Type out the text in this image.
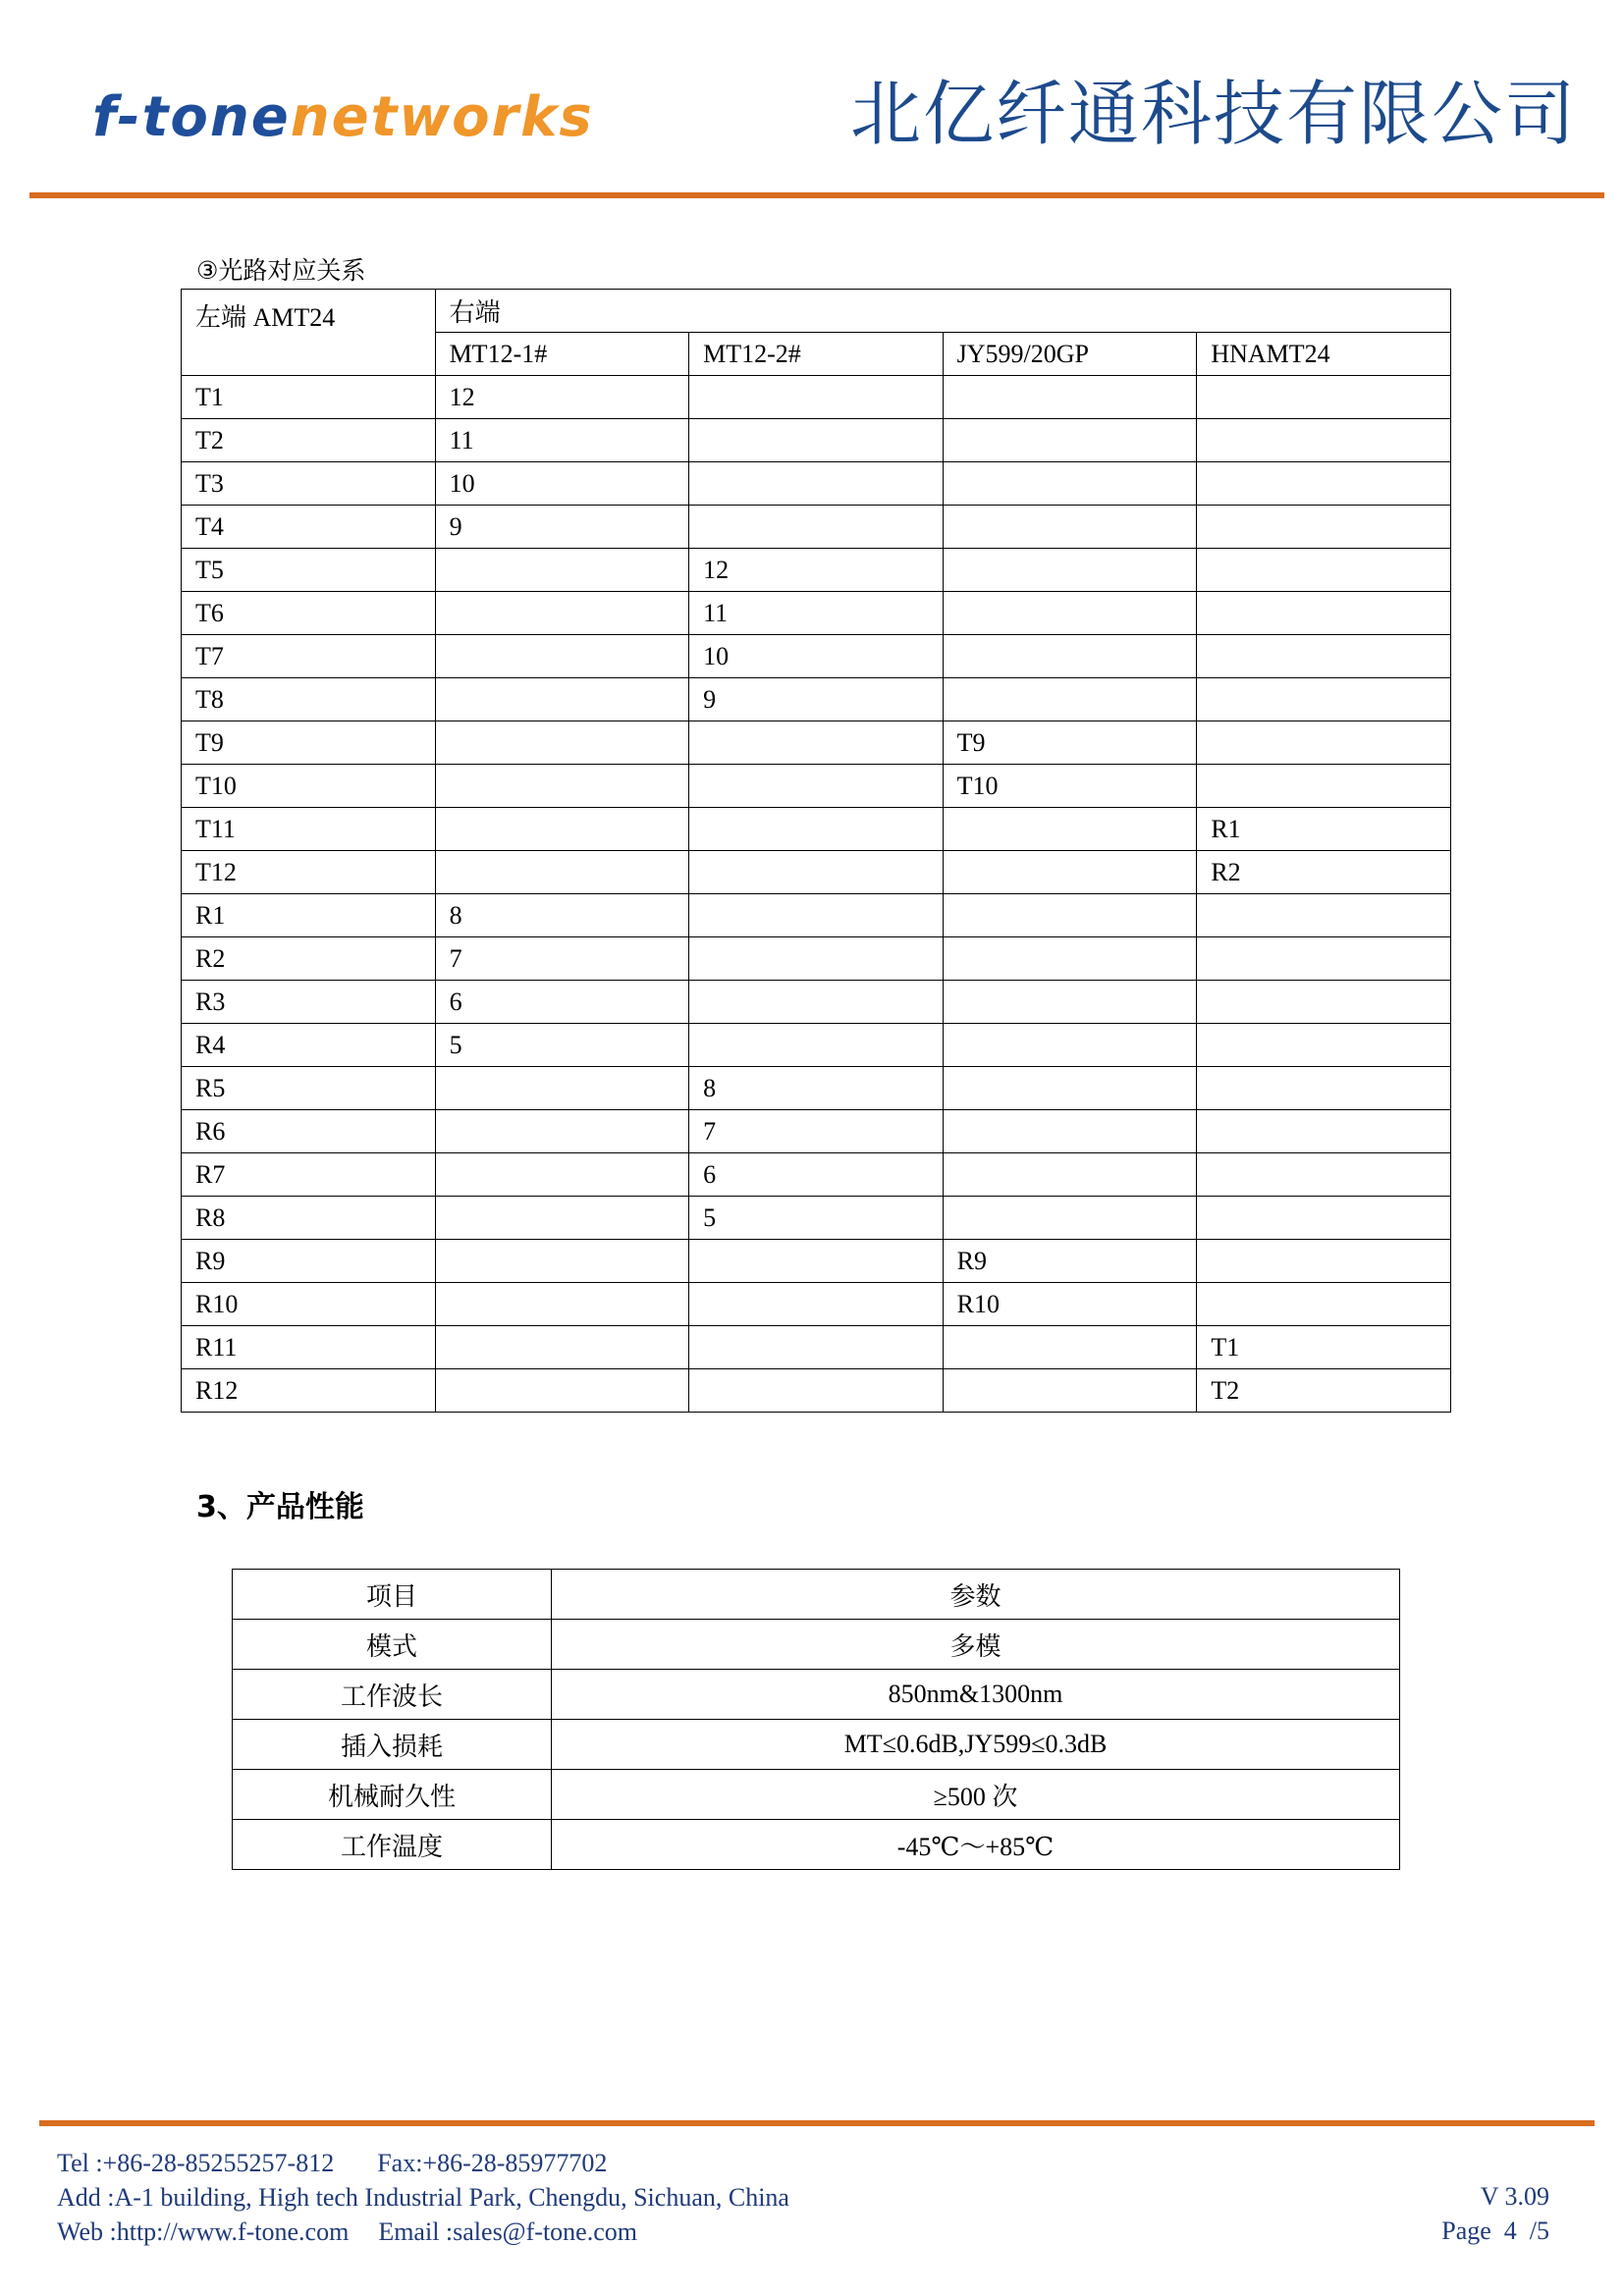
f-tonenetworks	北亿纤通科技有限公司
③光路对应关系
左端 AMT24	右端			
	MT12-1#	MT12-2#	JY599/20GP	HNAMT24
T1	12			
T2	11			
T3	10			
T4	9			
T5		12		
T6		11		
T7		10		
T8		9		
T9			T9	
T10			T10	
T11				R1
T12				R2
R1	8			
R2	7			
R3	6			
R4	5			
R5		8		
R6		7		
R7		6		
R8		5		
R9			R9	
R10			R10	
R11				T1
R12				T2
3、产品性能
项目	参数
模式	多模
工作波长	850nm&1300nm
插入损耗	MT≤0.6dB,JY599≤0.3dB
机械耐久性	≥500 次
工作温度	-45℃～+85℃
Tel :+86-28-85255257-812 Fax:+86-28-85977702
Add :A-1 building, High tech Industrial Park, Chengdu, Sichuan, China
Web :http://www.f-tone.com Email :sales@f-tone.com
V 3.09
Page  4  /5
